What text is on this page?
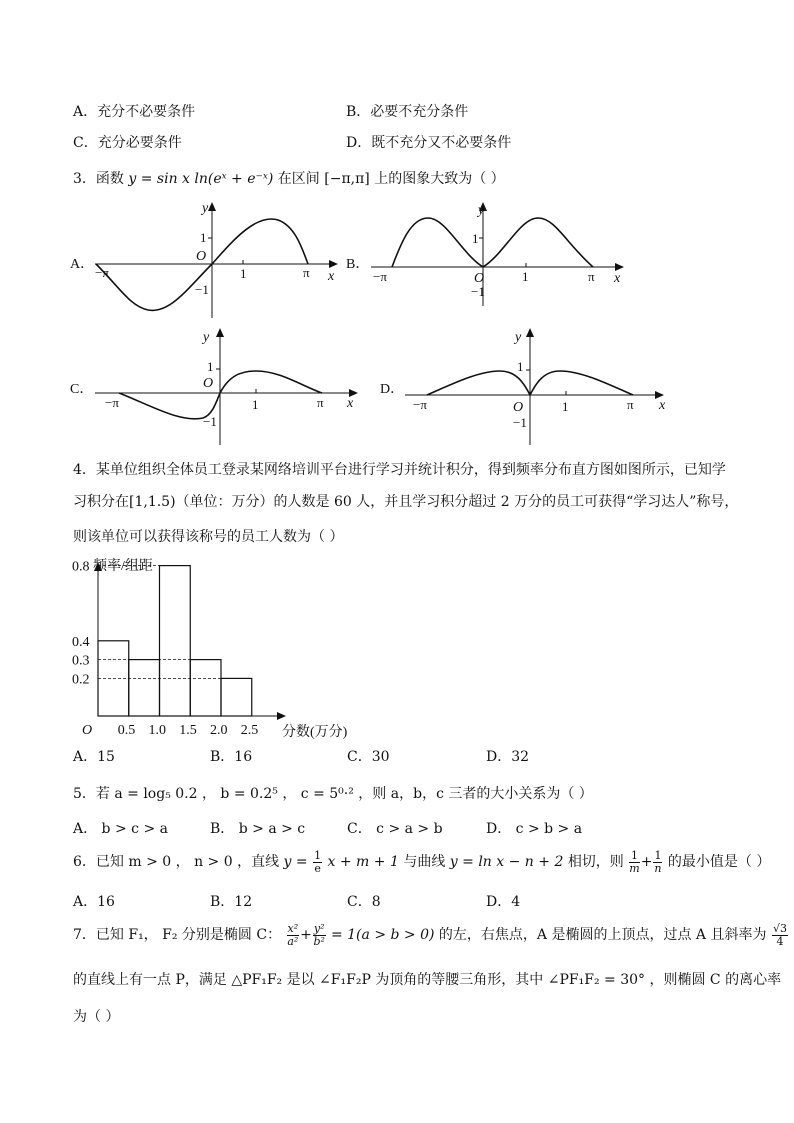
A．充分不必要条件	B．必要不充分条件
C．充分必要条件	D．既不充分又不必要条件
3．函数 y = sin x ln(eˣ + e⁻ˣ) 在区间 [−π,π] 上的图象大致为（ ）
A．
y
x
O
1
−1
1	π
−π
B．
y
x
O
1
−1
1	π
−π
C．
y
x
O
1
−1
1	π
−π
D．
y
x
O
1
−1
1	π
−π
4．某单位组织全体员工登录某网络培训平台进行学习并统计积分，得到频率分布直方图如图所示，已知学
习积分在[1,1.5)（单位：万分）的人数是 60 人，并且学习积分超过 2 万分的员工可获得“学习达人”称号，
则该单位可以获得该称号的员工人数为（ ）
0.8
0.4
0.3
0.2
0.5 1.0 1.5 2.0 2.5
O
频率/组距
分数(万分)
A．15	B．16	C．30	D．32
5．若 a = log₅ 0.2 ， b = 0.2⁵ ， c = 5⁰·² ，则 a，b，c 三者的大小关系为（ ）
A． b > c > a	B． b > a > c	C． c > a > b	D． c > b > a
6．已知 m > 0 ， n > 0 ，直线 $y = \frac{1}{e}$ x + m + 1 与曲线 y = ln x − n + 2 相切，则 $\frac{1}{m} + \frac{1}{n}$ 的最小值是（ ）
A．16	B．12	C．8	D．4
7．已知 F₁， F₂ 分别是椭圆 C： $\frac{\text{x²}}{\text{a²}} + \frac{\text{y²}}{\text{b²}} = 1(a > b > 0)$ 的左，右焦点，A 是椭圆的上顶点，过点 A 且斜率为 $\frac{√3}{4}$
的直线上有一点 P，满足 △PF₁F₂ 是以 ∠F₁F₂P 为顶角的等腰三角形，其中 ∠PF₁F₂ = 30° ，则椭圆 C 的离心率
为（ ）
